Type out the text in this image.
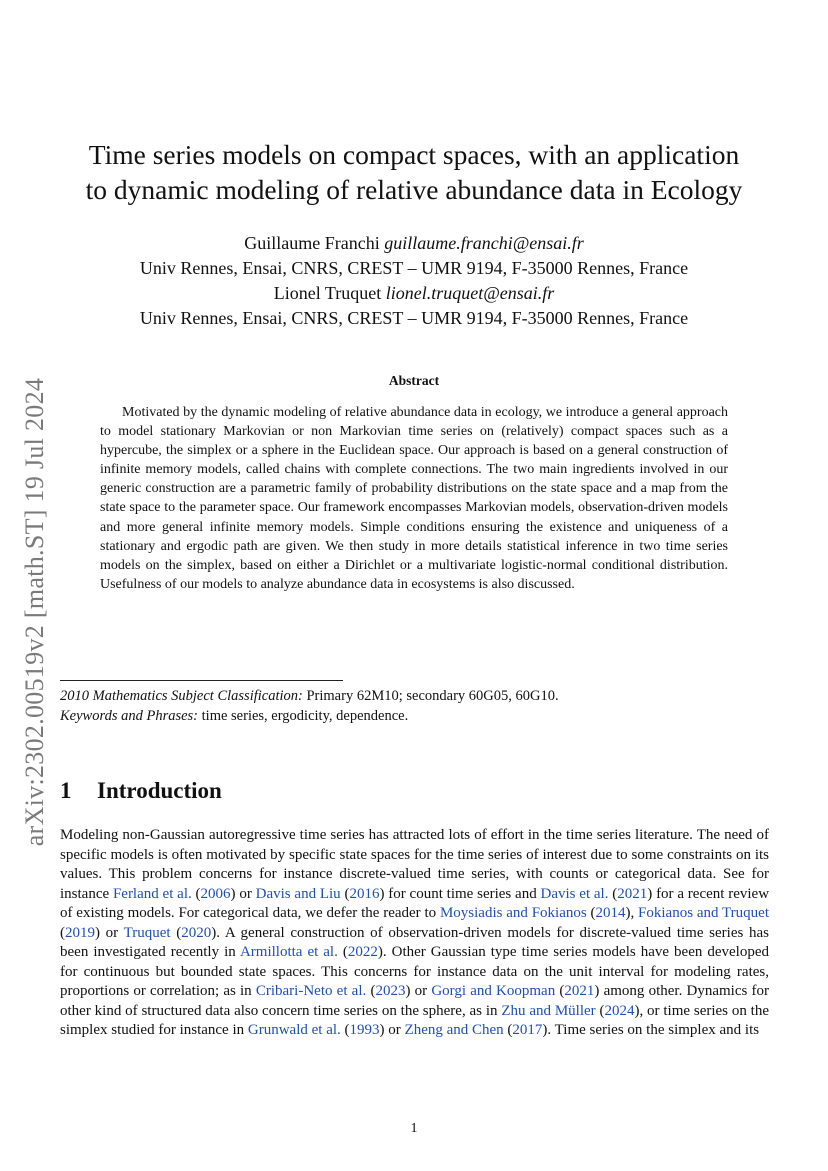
arXiv:2302.00519v2 [math.ST] 19 Jul 2024
Time series models on compact spaces, with an application
to dynamic modeling of relative abundance data in Ecology
Guillaume Franchi guillaume.franchi@ensai.fr
Univ Rennes, Ensai, CNRS, CREST – UMR 9194, F-35000 Rennes, France
Lionel Truquet lionel.truquet@ensai.fr
Univ Rennes, Ensai, CNRS, CREST – UMR 9194, F-35000 Rennes, France
Abstract

Motivated by the dynamic modeling of relative abundance data in ecology, we introduce a general approach to model stationary Markovian or non Markovian time series on (relatively) compact spaces such as a hypercube, the simplex or a sphere in the Euclidean space. Our approach is based on a general construction of infinite memory models, called chains with complete connections. The two main ingredients involved in our generic construction are a parametric family of probability distributions on the state space and a map from the state space to the parameter space. Our framework encompasses Markovian models, observation-driven models and more general infinite memory models. Simple conditions ensuring the existence and uniqueness of a stationary and ergodic path are given. We then study in more details statistical inference in two time series models on the simplex, based on either a Dirichlet or a multivariate logistic-normal conditional distribution. Usefulness of our models to analyze abundance data in ecosystems is also discussed.

2010 Mathematics Subject Classification: Primary 62M10; secondary 60G05, 60G10.
Keywords and Phrases: time series, ergodicity, dependence.
1 Introduction

Modeling non-Gaussian autoregressive time series has attracted lots of effort in the time series literature. The need of specific models is often motivated by specific state spaces for the time series of interest due to some constraints on its values. This problem concerns for instance discrete-valued time series, with counts or categorical data. See for instance Ferland et al. (2006) or Davis and Liu (2016) for count time series and Davis et al. (2021) for a recent review of existing models. For categorical data, we defer the reader to Moysiadis and Fokianos (2014), Fokianos and Truquet (2019) or Truquet (2020). A general construction of observation-driven models for discrete-valued time series has been investigated recently in Armillotta et al. (2022). Other Gaussian type time series models have been developed for continuous but bounded state spaces. This concerns for instance data on the unit interval for modeling rates, proportions or correlation; as in Cribari-Neto et al. (2023) or Gorgi and Koopman (2021) among other. Dynamics for other kind of structured data also concern time series on the sphere, as in Zhu and Müller (2024), or time series on the simplex studied for instance in Grunwald et al. (1993) or Zheng and Chen (2017). Time series on the simplex and its

1
